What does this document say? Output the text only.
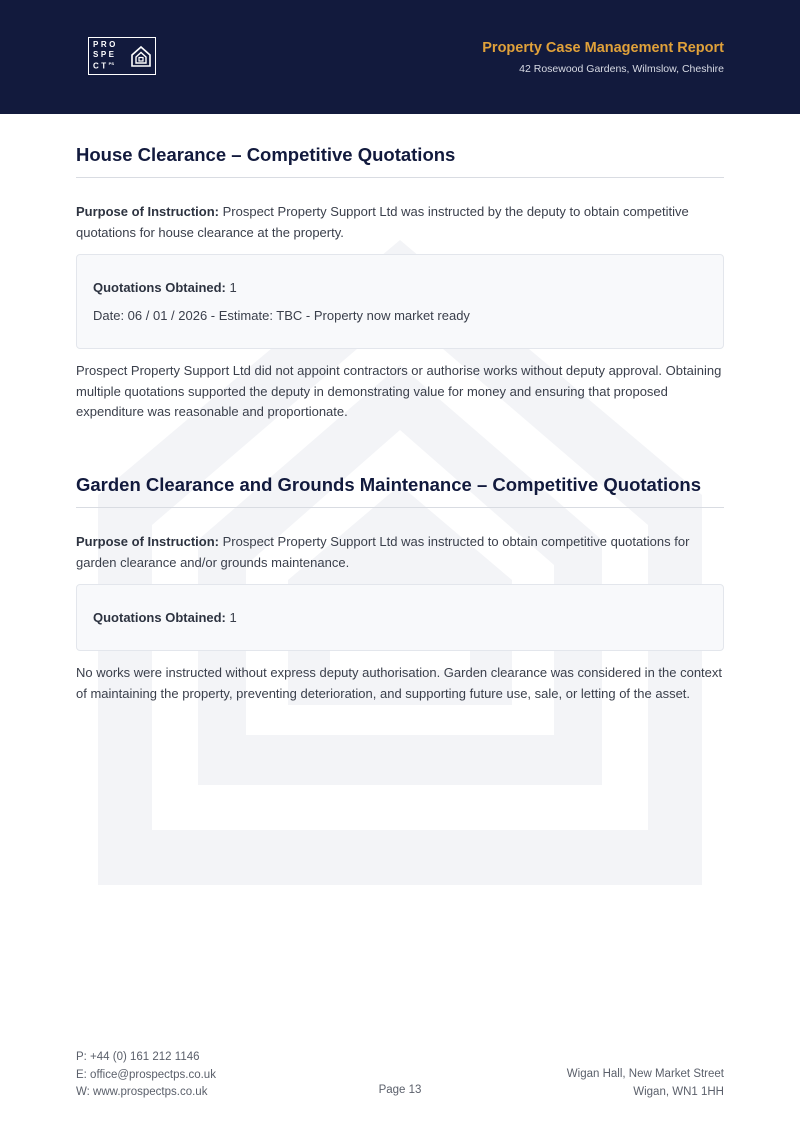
PRO
SPE
$CT^{PS}$
Property Case Management Report
42 Rosewood Gardens, Wilmslow, Cheshire
House Clearance – Competitive Quotations

Purpose of Instruction: Prospect Property Support Ltd was instructed by the deputy to obtain competitive quotations for house clearance at the property.

Quotations Obtained: 1
Date: 06 / 01 / 2026 - Estimate: TBC - Property now market ready

Prospect Property Support Ltd did not appoint contractors or authorise works without deputy approval. Obtaining multiple quotations supported the deputy in demonstrating value for money and ensuring that proposed expenditure was reasonable and proportionate.

Garden Clearance and Grounds Maintenance – Competitive Quotations

Purpose of Instruction: Prospect Property Support Ltd was instructed to obtain competitive quotations for garden clearance and/or grounds maintenance.

Quotations Obtained: 1

No works were instructed without express deputy authorisation. Garden clearance was considered in the context of maintaining the property, preventing deterioration, and supporting future use, sale, or letting of the asset.

P: +44 (0) 161 212 1146
E: office@prospectps.co.uk
W: www.prospectps.co.uk	Page 13
Wigan Hall, New Market Street
Wigan, WN1 1HH
